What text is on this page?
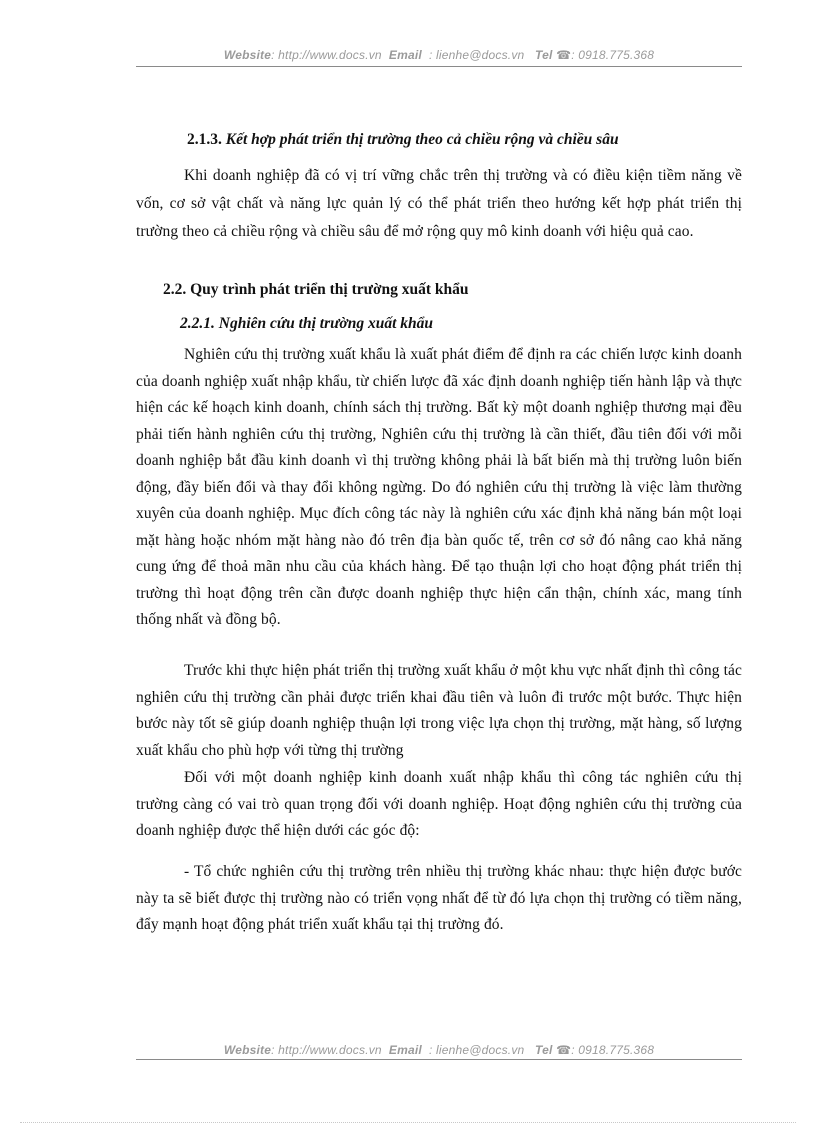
Website: http://www.docs.vn Email : lienhe@docs.vn Tel ☎: 0918.775.368
2.1.3. Kết hợp phát triển thị trường theo cả chiều rộng và chiều sâu
Khi doanh nghiệp đã có vị trí vững chắc trên thị trường và có điều kiện tiềm năng về vốn, cơ sở vật chất và năng lực quản lý có thể phát triển theo hướng kết hợp phát triển thị trường theo cả chiều rộng và chiều sâu để mở rộng quy mô kinh doanh với hiệu quả cao.
2.2. Quy trình phát triển thị trường xuất khẩu
2.2.1. Nghiên cứu thị trường xuất khẩu
Nghiên cứu thị trường xuất khẩu là xuất phát điểm để định ra các chiến lược kinh doanh của doanh nghiệp xuất nhập khẩu, từ chiến lược đã xác định doanh nghiệp tiến hành lập và thực hiện các kế hoạch kinh doanh, chính sách thị trường. Bất kỳ một doanh nghiệp thương mại đều phải tiến hành nghiên cứu thị trường, Nghiên cứu thị trường là cần thiết, đầu tiên đối với mỗi doanh nghiệp bắt đầu kinh doanh vì thị trường không phải là bất biến mà thị trường luôn biến động, đầy biến đổi và thay đổi không ngừng. Do đó nghiên cứu thị trường là việc làm thường xuyên của doanh nghiệp. Mục đích công tác này là nghiên cứu xác định khả năng bán một loại mặt hàng hoặc nhóm mặt hàng nào đó trên địa bàn quốc tế, trên cơ sở đó nâng cao khả năng cung ứng để thoả mãn nhu cầu của khách hàng. Để tạo thuận lợi cho hoạt động phát triển thị trường thì hoạt động trên cần được doanh nghiệp thực hiện cẩn thận, chính xác, mang tính thống nhất và đồng bộ.
Trước khi thực hiện phát triển thị trường xuất khẩu ở một khu vực nhất định thì công tác nghiên cứu thị trường cần phải được triển khai đầu tiên và luôn đi trước một bước. Thực hiện bước này tốt sẽ giúp doanh nghiệp thuận lợi trong việc lựa chọn thị trường, mặt hàng, số lượng xuất khẩu cho phù hợp với từng thị trường
Đối với một doanh nghiệp kinh doanh xuất nhập khẩu thì công tác nghiên cứu thị trường càng có vai trò quan trọng đối với doanh nghiệp. Hoạt động nghiên cứu thị trường của doanh nghiệp được thể hiện dưới các góc độ:
- Tổ chức nghiên cứu thị trường trên nhiều thị trường khác nhau: thực hiện được bước này ta sẽ biết được thị trường nào có triển vọng nhất để từ đó lựa chọn thị trường có tiềm năng, đẩy mạnh hoạt động phát triển xuất khẩu tại thị trường đó.
Website: http://www.docs.vn Email : lienhe@docs.vn Tel ☎: 0918.775.368
